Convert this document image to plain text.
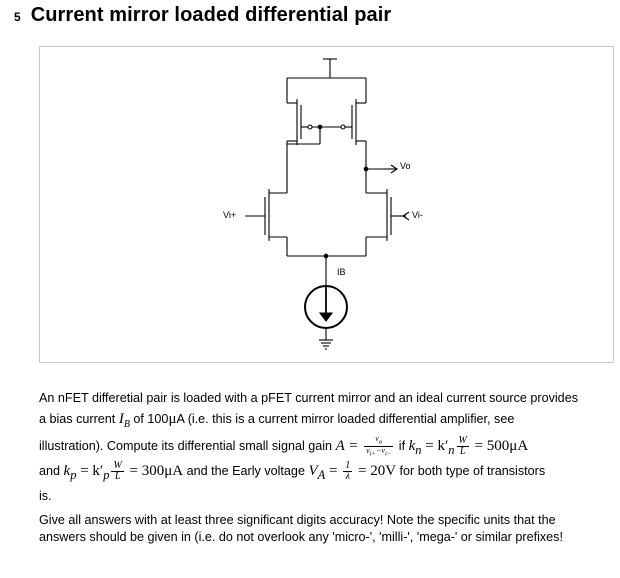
5 Current mirror loaded differential pair
Vo
Vi+	Vi-
IB
An nFET differetial pair is loaded with a pFET current mirror and an ideal current source provides
a bias current $I_B$ of 100μA (i.e. this is a current mirror loaded differential amplifier, see
illustration). Compute its differential small signal gain $A = \frac{v_o}{v_{i+}-v_{i-}}$ if $k_n = k'_n \frac{W}{L} = 500\mu A$
and $k_p = k'_p \frac{W}{L} = 300\mu A$ and the Early voltage $V_A = \frac{1}{\lambda} = 20V$ for both type of transistors
is.
Give all answers with at least three significant digits accuracy! Note the specific units that the
answers should be given in (i.e. do not overlook any 'micro-', 'milli-', 'mega-' or similar prefixes!
